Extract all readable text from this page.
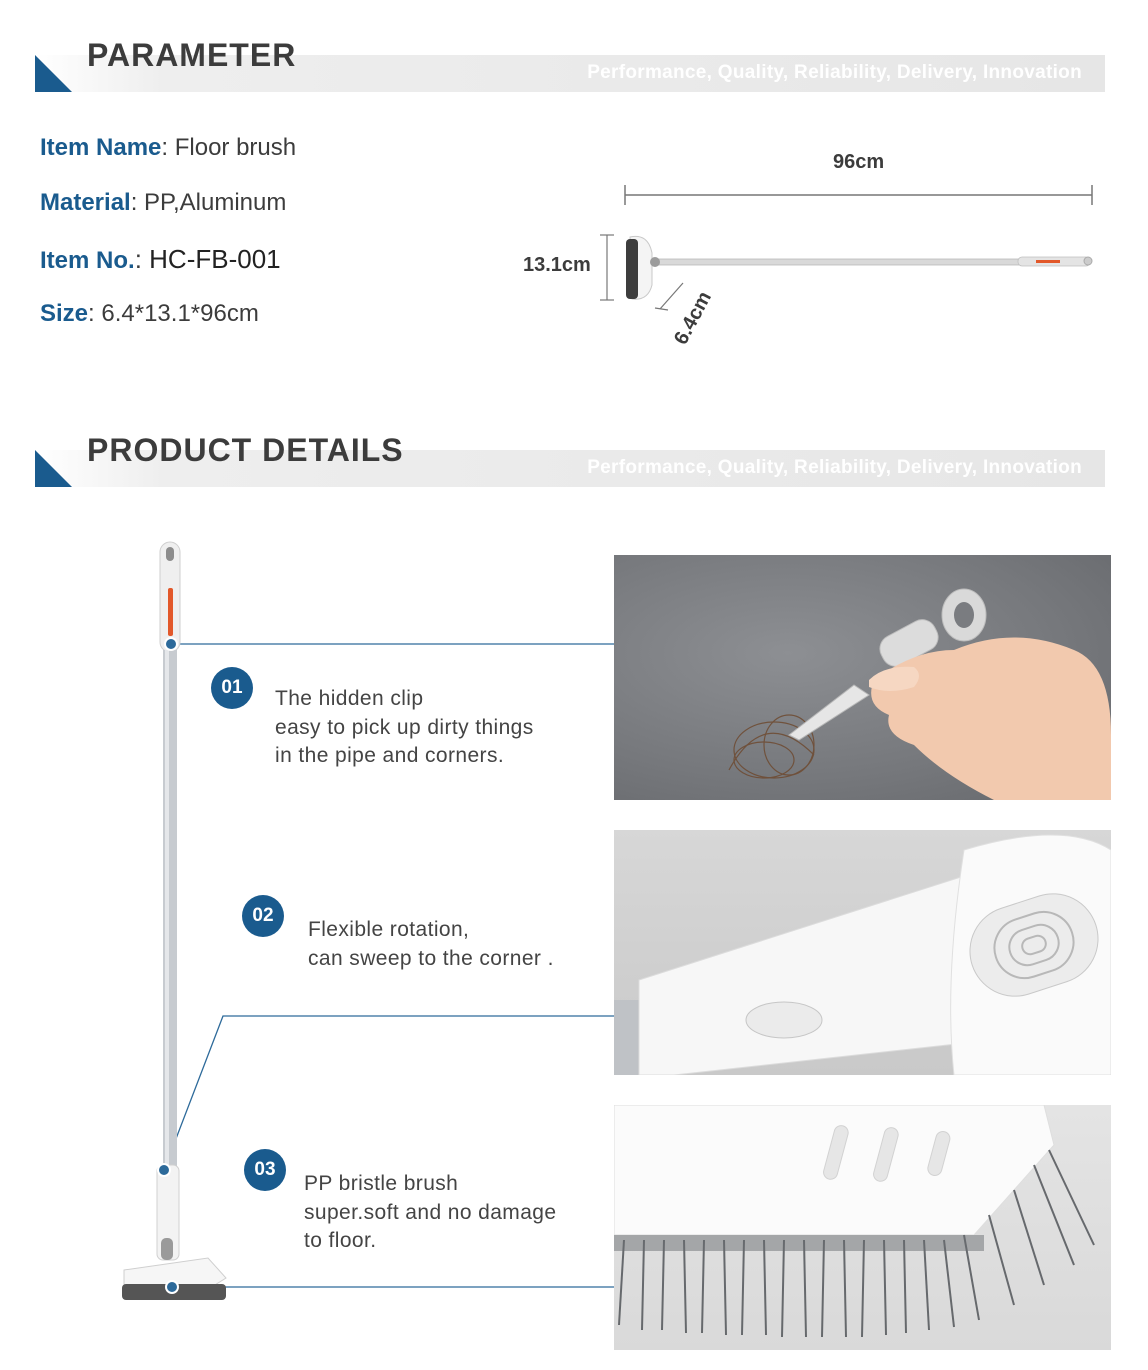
PARAMETER	Performance, Quality, Reliability, Delivery, Innovation
Item Name: Floor brush
Material: PP,Aluminum
Item No.: HC-FB-001
Size: 6.4*13.1*96cm
96cm
13.1cm
6.4cm
PRODUCT DETAILS	Performance, Quality, Reliability, Delivery, Innovation
01	The hidden clip
easy to pick up dirty things
in the pipe and corners.
02
Flexible rotation,
can sweep to the corner .
03
PP bristle brush
super.soft and no damage
to floor.
